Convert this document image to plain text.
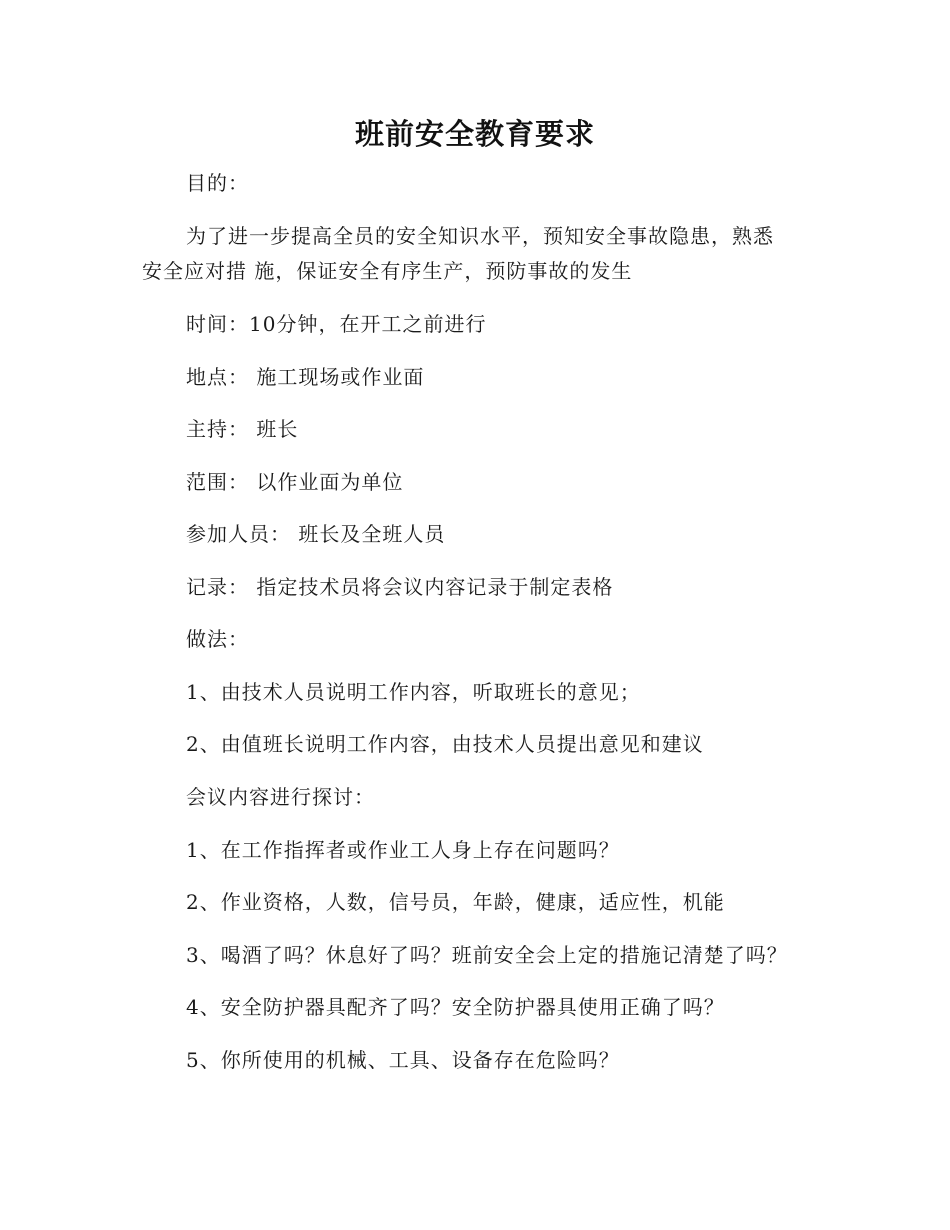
班前安全教育要求
目的：
为了进一步提高全员的安全知识水平，预知安全事故隐患，熟悉
安全应对措 施，保证安全有序生产，预防事故的发生
时间：10分钟，在开工之前进行
地点： 施工现场或作业面
主持： 班长
范围： 以作业面为单位
参加人员： 班长及全班人员
记录： 指定技术员将会议内容记录于制定表格
做法：
1、由技术人员说明工作内容，听取班长的意见；
2、由值班长说明工作内容，由技术人员提出意见和建议
会议内容进行探讨：
1、在工作指挥者或作业工人身上存在问题吗？
2、作业资格，人数，信号员，年龄，健康，适应性，机能
3、喝酒了吗？休息好了吗？班前安全会上定的措施记清楚了吗？
4、安全防护器具配齐了吗？安全防护器具使用正确了吗？
5、你所使用的机械、工具、设备存在危险吗？
